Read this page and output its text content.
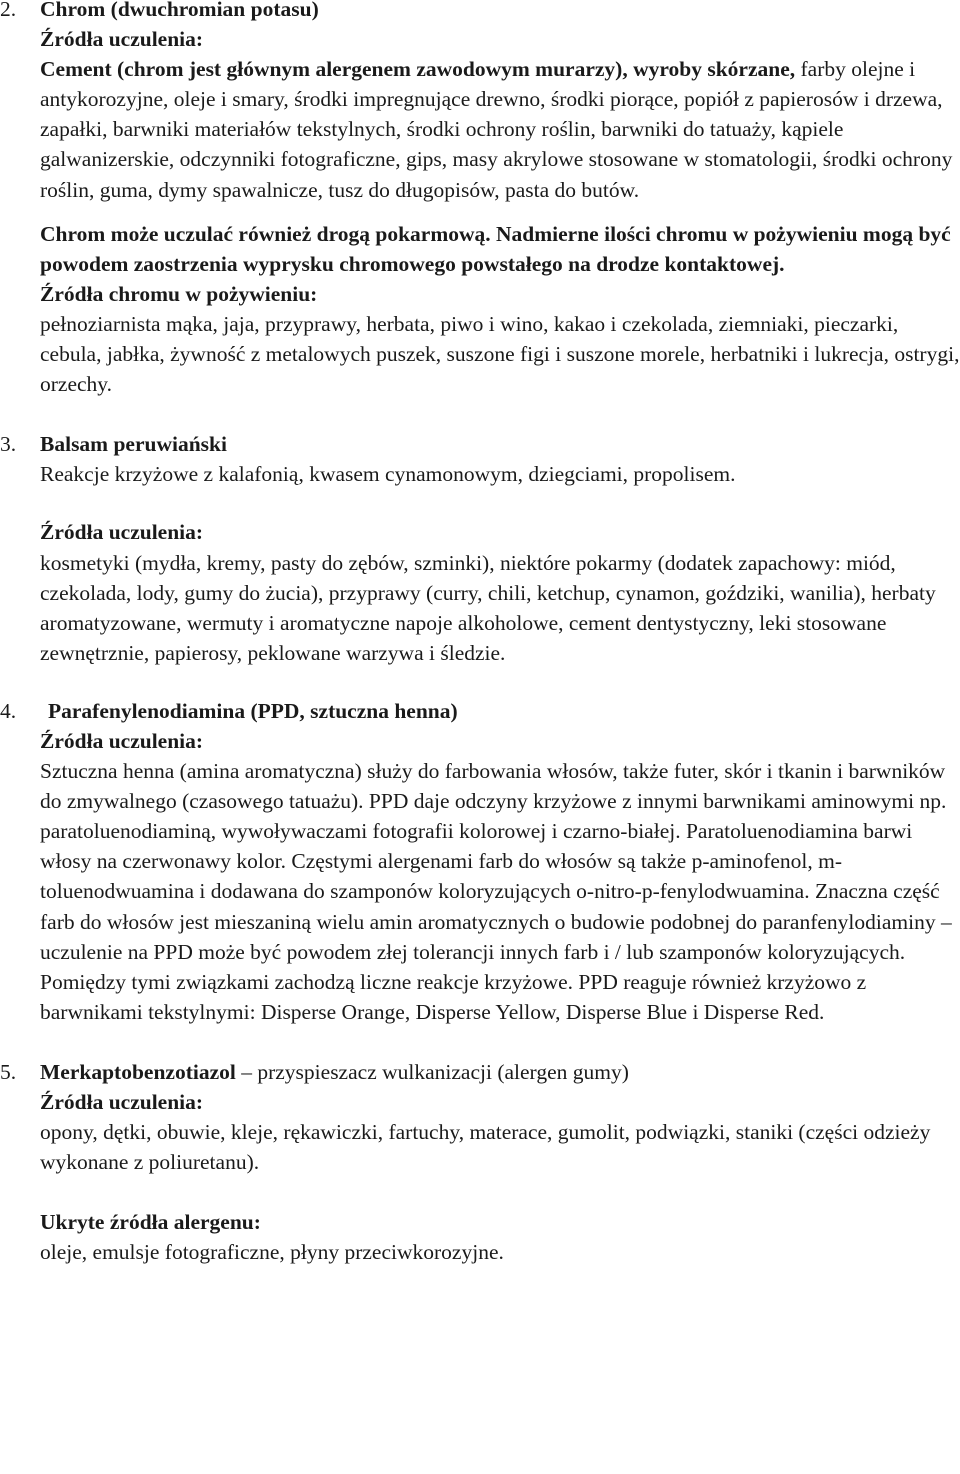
2. Chrom (dwuchromian potasu)
Źródła uczulenia:

Cement (chrom jest głównym alergenem zawodowym murarzy), wyroby skórzane, farby olejne i antykorozyjne, oleje i smary, środki impregnujące drewno, środki piorące, popiół z papierosów i drzewa, zapałki, barwniki materiałów tekstylnych, środki ochrony roślin, barwniki do tatuaży, kąpiele galwanizerskie, odczynniki fotograficzne, gips, masy akrylowe stosowane w stomatologii, środki ochrony roślin, guma, dymy spawalnicze, tusz do długopisów, pasta do butów.

Chrom może uczulać również drogą pokarmową. Nadmierne ilości chromu w pożywieniu mogą być powodem zaostrzenia wyprysku chromowego powstałego na drodze kontaktowej.

Źródła chromu w pożywieniu:

pełnoziarnista mąka, jaja, przyprawy, herbata, piwo i wino, kakao i czekolada, ziemniaki, pieczarki, cebula, jabłka, żywność z metalowych puszek, suszone figi i suszone morele, herbatniki i lukrecja, ostrygi, orzechy.

3. Balsam peruwiański

Reakcje krzyżowe z kalafonią, kwasem cynamonowym, dziegciami, propolisem.

Źródła uczulenia:

kosmetyki (mydła, kremy, pasty do zębów, szminki), niektóre pokarmy (dodatek zapachowy: miód, czekolada, lody, gumy do żucia), przyprawy (curry, chili, ketchup, cynamon, goździki, wanilia), herbaty aromatyzowane, wermuty i aromatyczne napoje alkoholowe, cement dentystyczny, leki stosowane zewnętrznie, papierosy, peklowane warzywa i śledzie.

4.	Parafenylenodiamina (PPD, sztuczna henna)
Źródła uczulenia:

Sztuczna henna (amina aromatyczna) służy do farbowania włosów, także futer, skór i tkanin i barwników do zmywalnego (czasowego tatuażu). PPD daje odczyny krzyżowe z innymi barwnikami aminowymi np. paratoluenodiaminą, wywoływaczami fotografii kolorowej i czarno-białej. Paratoluenodiamina barwi włosy na czerwonawy kolor. Częstymi alergenami farb do włosów są także p-aminofenol, m-toluenodwuamina i dodawana do szamponów koloryzujących o-nitro-p-fenylodwuamina. Znaczna część farb do włosów jest mieszaniną wielu amin aromatycznych o budowie podobnej do paranfenylodiaminy – uczulenie na PPD może być powodem złej tolerancji innych farb i / lub szamponów koloryzujących. Pomiędzy tymi związkami zachodzą liczne reakcje krzyżowe. PPD reaguje również krzyżowo z barwnikami tekstylnymi: Disperse Orange, Disperse Yellow, Disperse Blue i Disperse Red.

5. Merkaptobenzotiazol – przyspieszacz wulkanizacji (alergen gumy)
Źródła uczulenia:

opony, dętki, obuwie, kleje, rękawiczki, fartuchy, materace, gumolit, podwiązki, staniki (części odzieży wykonane z poliuretanu).

Ukryte źródła alergenu:

oleje, emulsje fotograficzne, płyny przeciwkorozyjne.
